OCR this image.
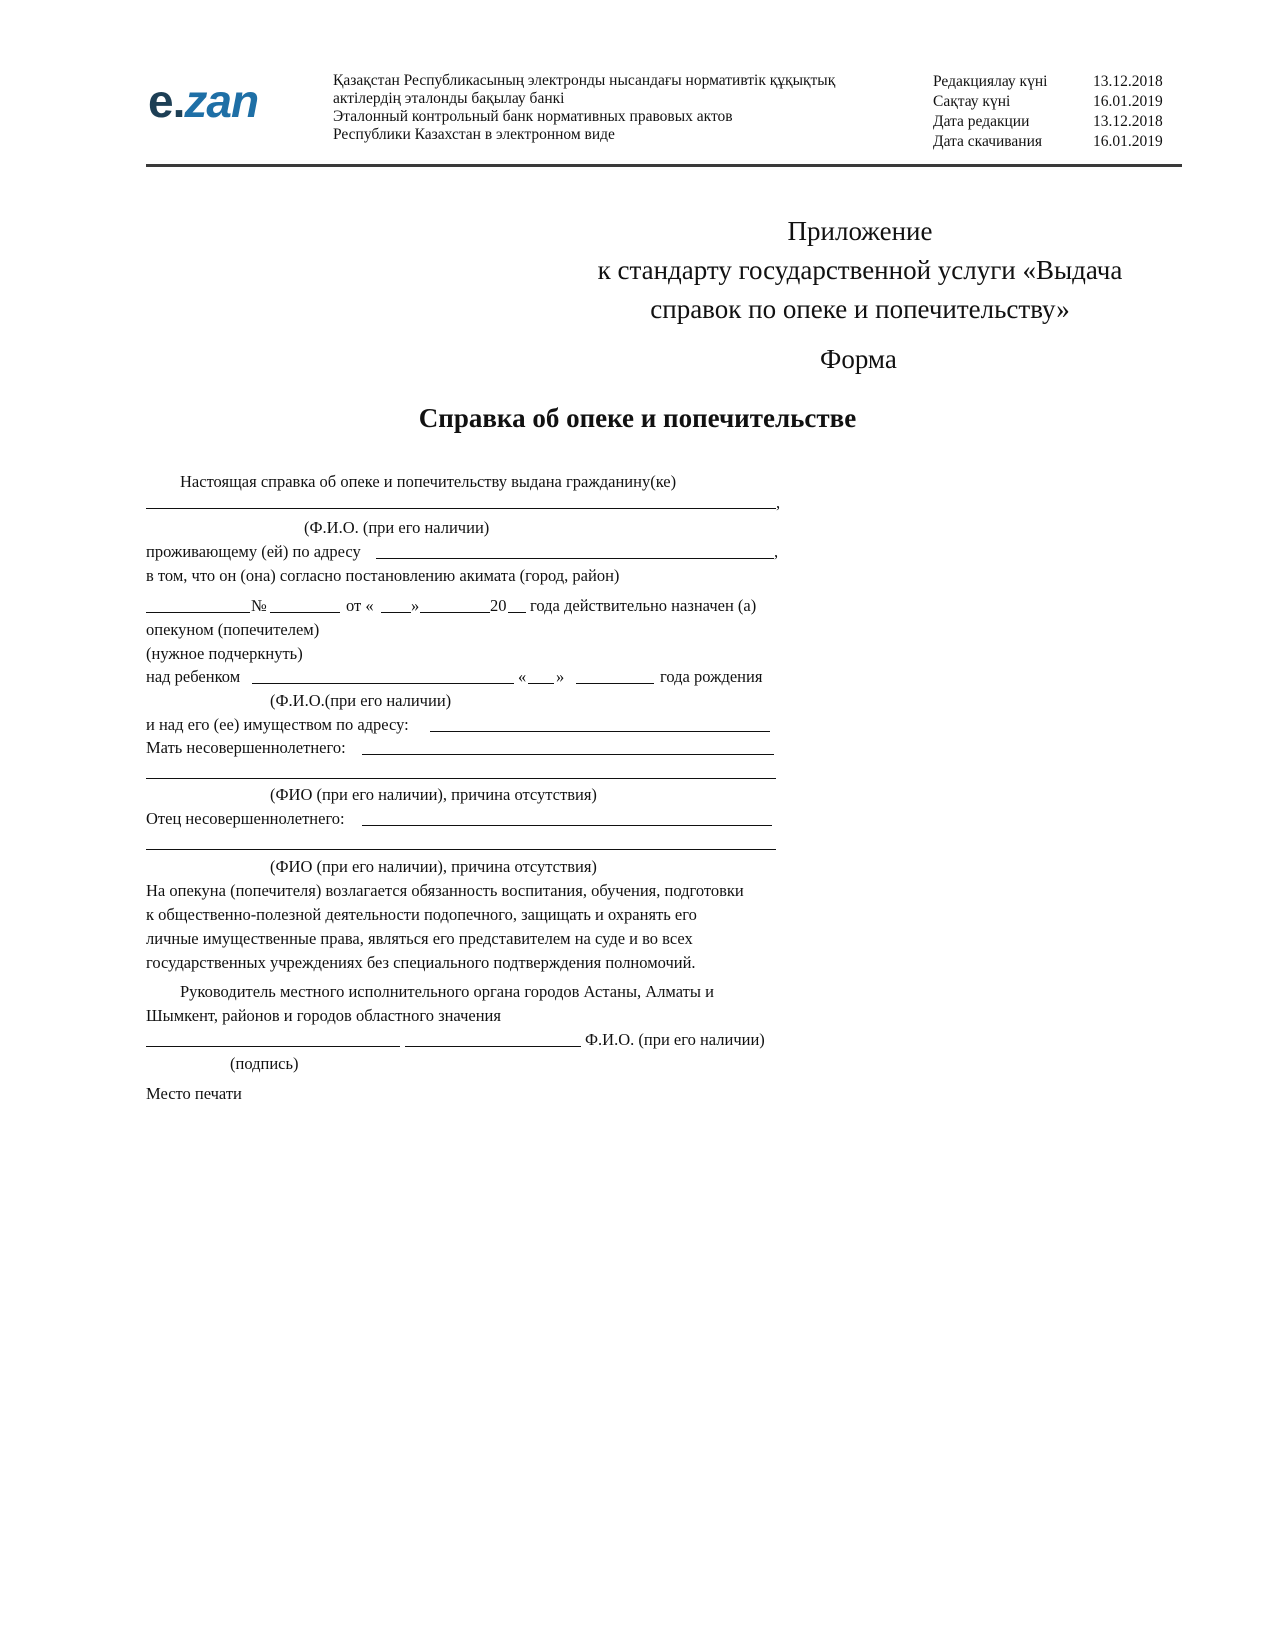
e.zan	Қазақстан Республикасының электронды нысандағы нормативтік құқықтық
актілердің эталонды бақылау банкі
Эталонный контрольный банк нормативных правовых актов
Республики Казахстан в электронном виде
Редакциялау күні	13.12.2018
Сақтау күні	16.01.2019
Дата редакции	13.12.2018
Дата скачивания	16.01.2019
Приложение
к стандарту государственной услуги «Выдача
справок по опеке и попечительству»
Форма
Справка об опеке и попечительстве
Настоящая справка об опеке и попечительству выдана гражданину(ке)
,
(Ф.И.О. (при его наличии)
проживающему (ей) по адресу	,
в том, что он (она) согласно постановлению акимата (город, район)
№	от « »	20 года действительно назначен (а)
опекуном (попечителем)
(нужное подчеркнуть)
над ребенком	« »	года рождения
(Ф.И.О.(при его наличии)
и над его (ее) имуществом по адресу:
Мать несовершеннолетнего:
(ФИО (при его наличии), причина отсутствия)
Отец несовершеннолетнего:
(ФИО (при его наличии), причина отсутствия)
На опекуна (попечителя) возлагается обязанность воспитания, обучения, подготовки
к общественно-полезной деятельности подопечного, защищать и охранять его
личные имущественные права, являться его представителем на суде и во всех
государственных учреждениях без специального подтверждения полномочий.
Руководитель местного исполнительного органа городов Астаны, Алматы и
Шымкент, районов и городов областного значения
Ф.И.О. (при его наличии)
(подпись)
Место печати
